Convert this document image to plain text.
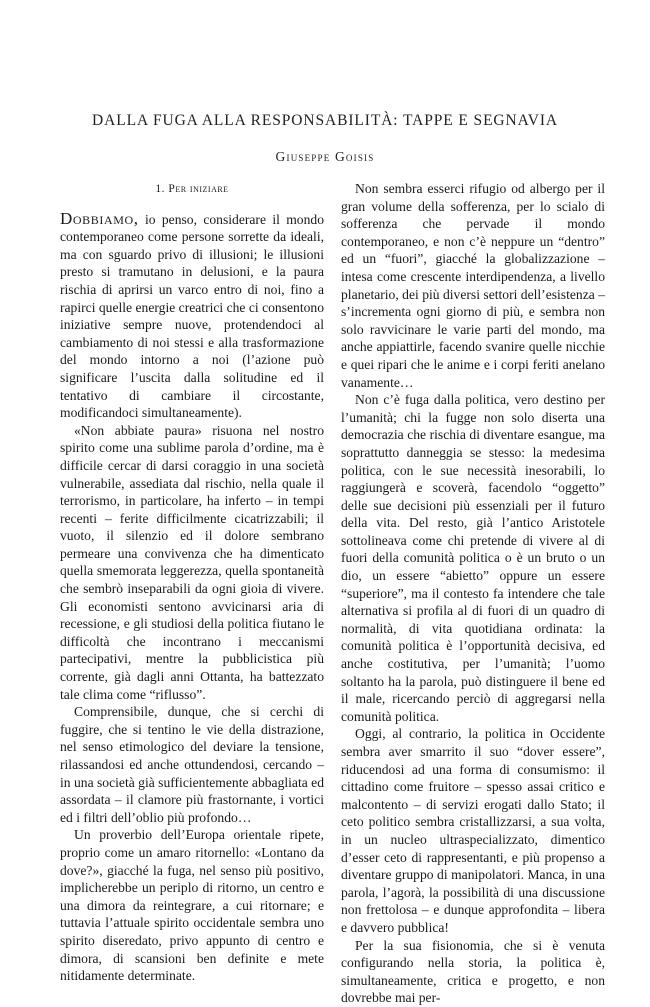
DALLA FUGA ALLA RESPONSABILITÀ: TAPPE E SEGNAVIA
Giuseppe Goisis
1. Per iniziare

Dobbiamo, io penso, considerare il mondo contemporaneo come persone sorrette da ideali, ma con sguardo privo di illusioni; le illusioni presto si tramutano in delusioni, e la paura rischia di aprirsi un varco entro di noi, fino a rapirci quelle energie creatrici che ci consentono iniziative sempre nuove, protendendoci al cambiamento di noi stessi e alla trasformazione del mondo intorno a noi (l’azione può significare l’uscita dalla solitudine ed il tentativo di cambiare il circostante, modificandoci simultaneamente).

«Non abbiate paura» risuona nel nostro spirito come una sublime parola d’ordine, ma è difficile cercar di darsi coraggio in una società vulnerabile, assediata dal rischio, nella quale il terrorismo, in particolare, ha inferto – in tempi recenti – ferite difficilmente cicatrizzabili; il vuoto, il silenzio ed il dolore sembrano permeare una convivenza che ha dimenticato quella smemorata leggerezza, quella spontaneità che sembrò inseparabili da ogni gioia di vivere. Gli economisti sentono avvicinarsi aria di recessione, e gli studiosi della politica fiutano le difficoltà che incontrano i meccanismi partecipativi, mentre la pubblicistica più corrente, già dagli anni Ottanta, ha battezzato tale clima come “riflusso”.

Comprensibile, dunque, che si cerchi di fuggire, che si tentino le vie della distrazione, nel senso etimologico del deviare la tensione, rilassandosi ed anche ottundendosi, cercando – in una società già sufficientemente abbagliata ed assordata – il clamore più frastornante, i vortici ed i filtri dell’oblio più profondo…

Un proverbio dell’Europa orientale ripete, proprio come un amaro ritornello: «Lontano da dove?», giacché la fuga, nel senso più positivo, implicherebbe un periplo di ritorno, un centro e una dimora da reintegrare, a cui ritornare; e tuttavia l’attuale spirito occidentale sembra uno spirito diseredato, privo appunto di centro e dimora, di scansioni ben definite e mete nitidamente determinate.

Non sembra esserci rifugio od albergo per il gran volume della sofferenza, per lo scialo di sofferenza che pervade il mondo contemporaneo, e non c’è neppure un “dentro” ed un “fuori”, giacché la globalizzazione – intesa come crescente interdipendenza, a livello planetario, dei più diversi settori dell’esistenza – s’incrementa ogni giorno di più, e sembra non solo ravvicinare le varie parti del mondo, ma anche appiattirle, facendo svanire quelle nicchie e quei ripari che le anime e i corpi feriti anelano vanamente…

Non c’è fuga dalla politica, vero destino per l’umanità; chi la fugge non solo diserta una democrazia che rischia di diventare esangue, ma soprattutto danneggia se stesso: la medesima politica, con le sue necessità inesorabili, lo raggiungerà e scoverà, facendolo “oggetto” delle sue decisioni più essenziali per il futuro della vita. Del resto, già l’antico Aristotele sottolineava come chi pretende di vivere al di fuori della comunità politica o è un bruto o un dio, un essere “abietto” oppure un essere “superiore”, ma il contesto fa intendere che tale alternativa si profila al di fuori di un quadro di normalità, di vita quotidiana ordinata: la comunità politica è l’opportunità decisiva, ed anche costitutiva, per l’umanità; l’uomo soltanto ha la parola, può distinguere il bene ed il male, ricercando perciò di aggregarsi nella comunità politica.

Oggi, al contrario, la politica in Occidente sembra aver smarrito il suo “dover essere”, riducendosi ad una forma di consumismo: il cittadino come fruitore – spesso assai critico e malcontento – di servizi erogati dallo Stato; il ceto politico sembra cristallizzarsi, a sua volta, in un nucleo ultraspecializzato, dimentico d’esser ceto di rappresentanti, e più propenso a diventare gruppo di manipolatori. Manca, in una parola, l’agorà, la possibilità di una discussione non frettolosa – e dunque approfondita – libera e davvero pubblica!

Per la sua fisionomia, che si è venuta configurando nella storia, la politica è, simultaneamente, critica e progetto, e non dovrebbe mai per-
